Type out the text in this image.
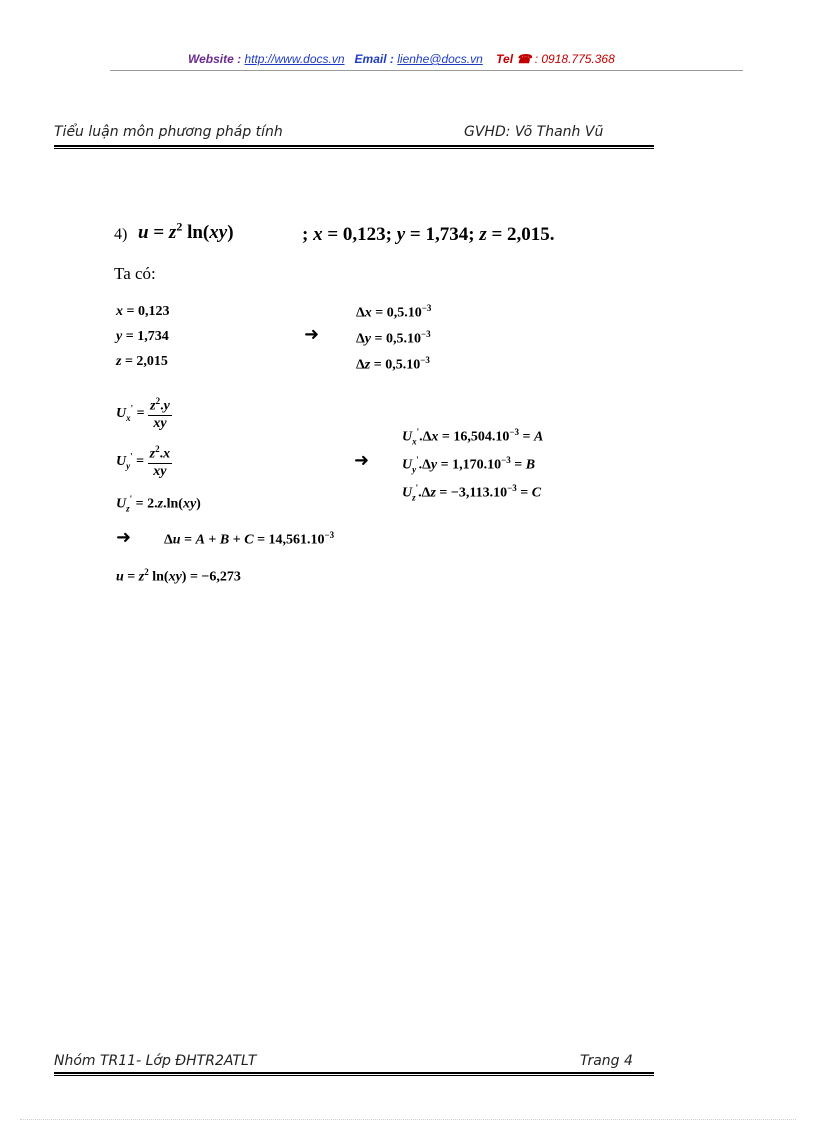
Website : http://www.docs.vn Email : lienhe@docs.vn Tel ☎ : 0918.775.368
Tiểu luận môn phương pháp tính	GVHD: Võ Thanh Vũ
4) $u = z^2$ ln(xy)	; x = 0,123; y = 1,734; z = 2,015.
Ta có:
x = 0,123
y = 1,734
z = 2,015
➜
$\Delta x = 0,5.10^{-3}$
$\Delta y = 0,5.10^{-3}$
$\Delta z = 0,5.10^{-3}$
$U_x' = \frac{z^2.y}{xy}$
$U_y' = \frac{z^2.x}{xy}$
$U_z' = 2.z.\ln(xy)$
➜
$U_x'.\Delta x = 16,504.10^{-3} = A$
$U_y'.\Delta y = 1,170.10^{-3} = B$
$U_z'.\Delta z = -3,113.10^{-3} = C$
➜ $\Delta u = A + B + C = 14,561.10^{-3}$
$u = z^2$ ln(xy) = −6,273
Nhóm TR11- Lớp ĐHTR2ATLT	Trang 4
